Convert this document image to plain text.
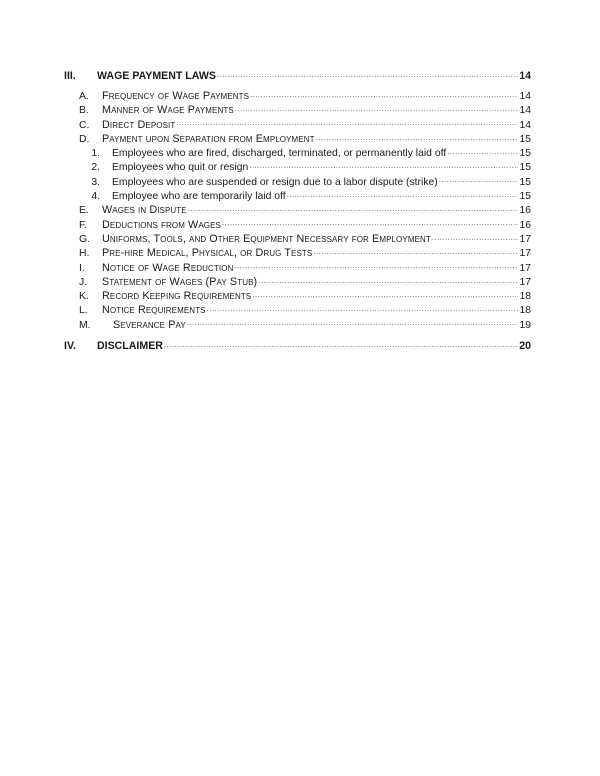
III.	WAGE PAYMENT LAWS .....	14
A.	Frequency of Wage Payments .....	14
B.	Manner of Wage Payments .....	14
C.	Direct Deposit .....	14
D.	Payment upon Separation from Employment .....	15
1.	Employees who are fired, discharged, terminated, or permanently laid off .....	15
2.	Employees who quit or resign .....	15
3.	Employees who are suspended or resign due to a labor dispute (strike) .....	15
4.	Employee who are temporarily laid off .....	15
E.	Wages in Dispute .....	16
F.	Deductions from Wages .....	16
G.	Uniforms, Tools, and Other Equipment Necessary for Employment .....	17
H.	Pre-hire Medical, Physical, or Drug Tests .....	17
I.	Notice of Wage Reduction .....	17
J.	Statement of Wages (Pay Stub) .....	17
K.	Record Keeping Requirements .....	18
L.	Notice Requirements .....	18
M.	Severance Pay .....	19
IV.	DISCLAIMER .....	20
